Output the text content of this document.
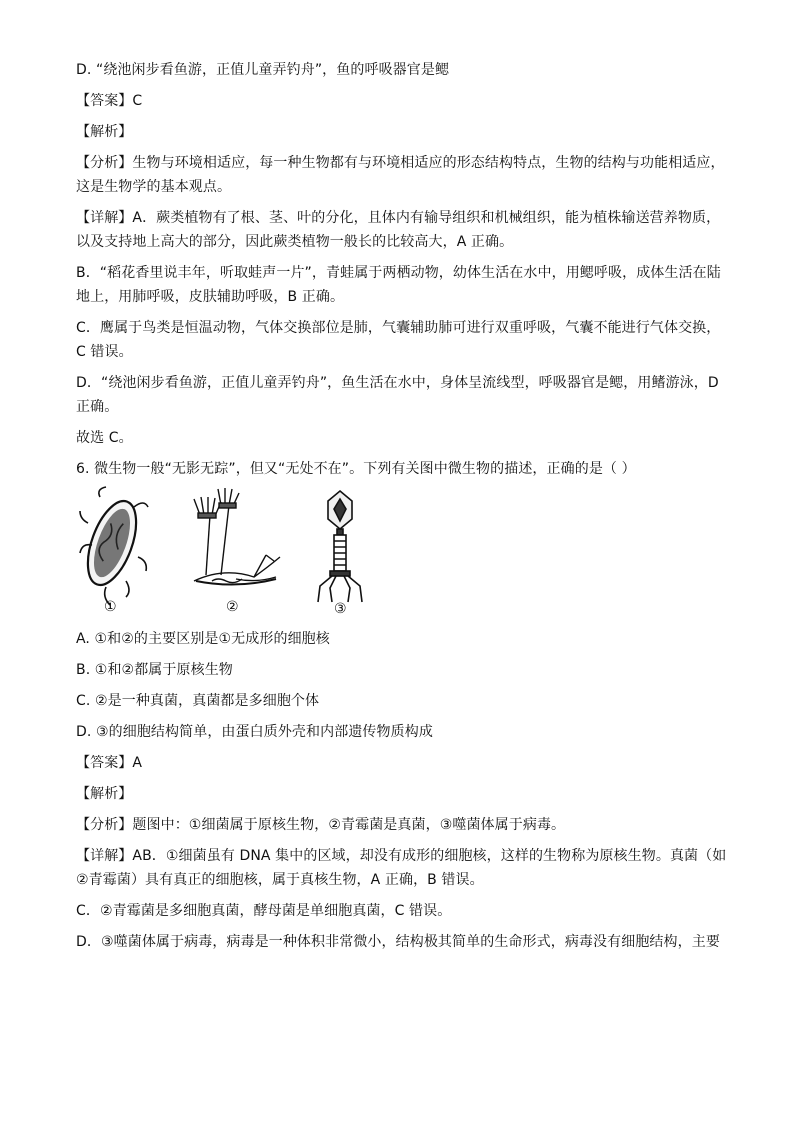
D. “绕池闲步看鱼游，正值儿童弄钓舟”，鱼的呼吸器官是鳃

【答案】C

【解析】

【分析】生物与环境相适应，每一种生物都有与环境相适应的形态结构特点，生物的结构与功能相适应，

这是生物学的基本观点。

【详解】A．蕨类植物有了根、茎、叶的分化，且体内有输导组织和机械组织，能为植株输送营养物质，

以及支持地上高大的部分，因此蕨类植物一般长的比较高大，A 正确。

B．“稻花香里说丰年，听取蛙声一片”，青蛙属于两栖动物，幼体生活在水中，用鳃呼吸，成体生活在陆

地上，用肺呼吸，皮肤辅助呼吸，B 正确。

C．鹰属于鸟类是恒温动物，气体交换部位是肺，气囊辅助肺可进行双重呼吸，气囊不能进行气体交换，

C 错误。

D．“绕池闲步看鱼游，正值儿童弄钓舟”，鱼生活在水中，身体呈流线型，呼吸器官是鳃，用鳍游泳，D

正确。

故选 C。

6. 微生物一般“无影无踪”，但又“无处不在”。下列有关图中微生物的描述，正确的是（ ）

①	②	③

A. ①和②的主要区别是①无成形的细胞核

B. ①和②都属于原核生物

C. ②是一种真菌，真菌都是多细胞个体

D. ③的细胞结构简单，由蛋白质外壳和内部遗传物质构成

【答案】A

【解析】

【分析】题图中：①细菌属于原核生物，②青霉菌是真菌，③噬菌体属于病毒。

【详解】AB．①细菌虽有 DNA 集中的区域，却没有成形的细胞核，这样的生物称为原核生物。真菌（如

②青霉菌）具有真正的细胞核，属于真核生物，A 正确，B 错误。

C．②青霉菌是多细胞真菌，酵母菌是单细胞真菌，C 错误。

D．③噬菌体属于病毒，病毒是一种体积非常微小，结构极其简单的生命形式，病毒没有细胞结构，主要
